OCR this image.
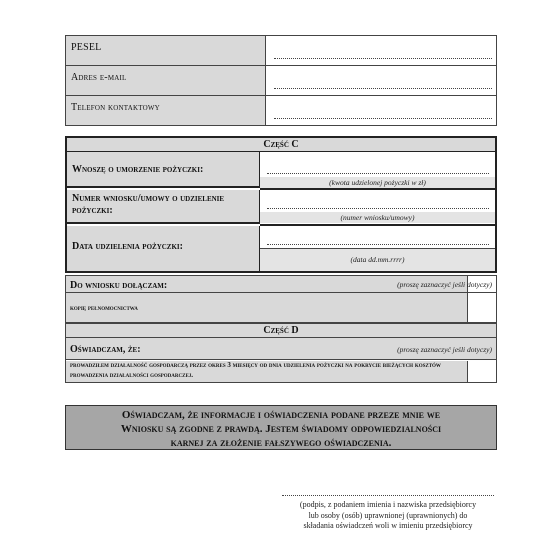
PESEL
Adres e-mail
Telefon kontaktowy
Część C
Wnoszę o umorzenie pożyczki:
(kwota udzielonej pożyczki w zł)
Numer wniosku/umowy o udzielenie pożyczki:
(numer wniosku/umowy)
Data udzielenia pożyczki:
(data dd.mm.rrrr)
Do wniosku dołączam:	(proszę zaznaczyć jeśli dotyczy)
kopię pełnomocnictwa
Część D
Oświadczam, że:	(proszę zaznaczyć jeśli dotyczy)
prowadziłem działalność gospodarczą przez okres 3 miesięcy od dnia udzielenia pożyczki na pokrycie bieżących kosztów prowadzenia działalności gospodarczej.
Oświadczam, że informacje i oświadczenia podane przeze mnie we
Wniosku są zgodne z prawdą. Jestem świadomy odpowiedzialności
karnej za złożenie fałszywego oświadczenia.
(podpis, z podaniem imienia i nazwiska przedsiębiorcy
lub osoby (osób) uprawnionej (uprawnionych) do
składania oświadczeń woli w imieniu przedsiębiorcy
